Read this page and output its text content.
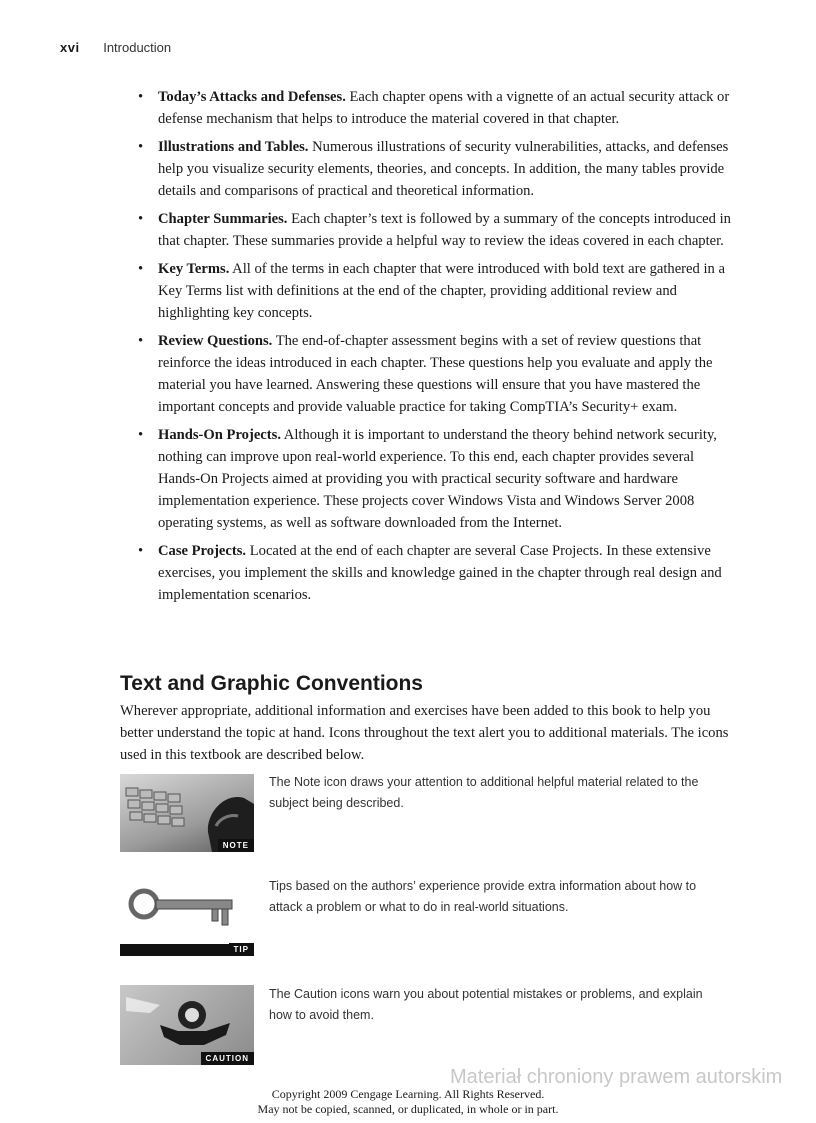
xvi Introduction
• Today’s Attacks and Defenses. Each chapter opens with a vignette of an actual security attack or defense mechanism that helps to introduce the material covered in that chapter.
• Illustrations and Tables. Numerous illustrations of security vulnerabilities, attacks, and defenses help you visualize security elements, theories, and concepts. In addition, the many tables provide details and comparisons of practical and theoretical information.
• Chapter Summaries. Each chapter’s text is followed by a summary of the concepts introduced in that chapter. These summaries provide a helpful way to review the ideas covered in each chapter.
• Key Terms. All of the terms in each chapter that were introduced with bold text are gathered in a Key Terms list with definitions at the end of the chapter, providing additional review and highlighting key concepts.
• Review Questions. The end-of-chapter assessment begins with a set of review questions that reinforce the ideas introduced in each chapter. These questions help you evaluate and apply the material you have learned. Answering these questions will ensure that you have mastered the important concepts and provide valuable practice for taking CompTIA’s Security+ exam.
• Hands-On Projects. Although it is important to understand the theory behind network security, nothing can improve upon real-world experience. To this end, each chapter provides several Hands-On Projects aimed at providing you with practical security software and hardware implementation experience. These projects cover Windows Vista and Windows Server 2008 operating systems, as well as software downloaded from the Internet.
• Case Projects. Located at the end of each chapter are several Case Projects. In these extensive exercises, you implement the skills and knowledge gained in the chapter through real design and implementation scenarios.
Text and Graphic Conventions

Wherever appropriate, additional information and exercises have been added to this book to help you better understand the topic at hand. Icons throughout the text alert you to additional materials. The icons used in this textbook are described below.

NOTE

The Note icon draws your attention to additional helpful material related to the subject being described.

TIP

Tips based on the authors’ experience provide extra information about how to attack a problem or what to do in real-world situations.

CAUTION

The Caution icons warn you about potential mistakes or problems, and explain how to avoid them.

Materiał chroniony prawem autorskim
Copyright 2009 Cengage Learning. All Rights Reserved.
May not be copied, scanned, or duplicated, in whole or in part.
